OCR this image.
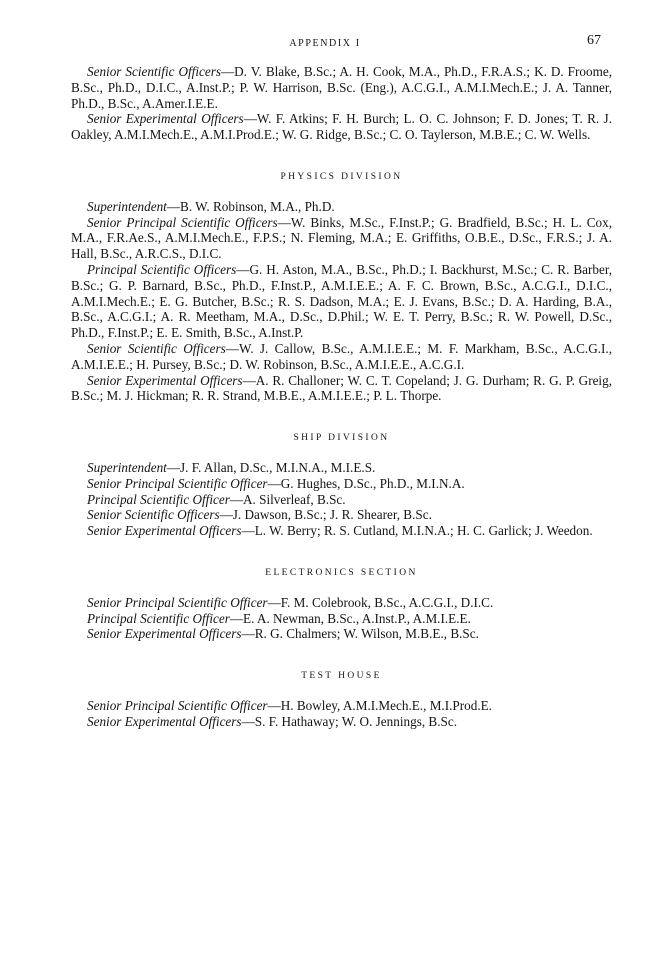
APPENDIX I	67

Senior Scientific Officers—D. V. Blake, B.Sc.; A. H. Cook, M.A., Ph.D., F.R.A.S.; K. D. Froome, B.Sc., Ph.D., D.I.C., A.Inst.P.; P. W. Harrison, B.Sc. (Eng.), A.C.G.I., A.M.I.Mech.E.; J. A. Tanner, Ph.D., B.Sc., A.Amer.I.E.E.

Senior Experimental Officers—W. F. Atkins; F. H. Burch; L. O. C. Johnson; F. D. Jones; T. R. J. Oakley, A.M.I.Mech.E., A.M.I.Prod.E.; W. G. Ridge, B.Sc.; C. O. Taylerson, M.B.E.; C. W. Wells.

PHYSICS DIVISION

Superintendent—B. W. Robinson, M.A., Ph.D.

Senior Principal Scientific Officers—W. Binks, M.Sc., F.Inst.P.; G. Bradfield, B.Sc.; H. L. Cox, M.A., F.R.Ae.S., A.M.I.Mech.E., F.P.S.; N. Fleming, M.A.; E. Griffiths, O.B.E., D.Sc., F.R.S.; J. A. Hall, B.Sc., A.R.C.S., D.I.C.

Principal Scientific Officers—G. H. Aston, M.A., B.Sc., Ph.D.; I. Backhurst, M.Sc.; C. R. Barber, B.Sc.; G. P. Barnard, B.Sc., Ph.D., F.Inst.P., A.M.I.E.E.; A. F. C. Brown, B.Sc., A.C.G.I., D.I.C., A.M.I.Mech.E.; E. G. Butcher, B.Sc.; R. S. Dadson, M.A.; E. J. Evans, B.Sc.; D. A. Harding, B.A., B.Sc., A.C.G.I.; A. R. Meetham, M.A., D.Sc., D.Phil.; W. E. T. Perry, B.Sc.; R. W. Powell, D.Sc., Ph.D., F.Inst.P.; E. E. Smith, B.Sc., A.Inst.P.

Senior Scientific Officers—W. J. Callow, B.Sc., A.M.I.E.E.; M. F. Markham, B.Sc., A.C.G.I., A.M.I.E.E.; H. Pursey, B.Sc.; D. W. Robinson, B.Sc., A.M.I.E.E., A.C.G.I.

Senior Experimental Officers—A. R. Challoner; W. C. T. Copeland; J. G. Durham; R. G. P. Greig, B.Sc.; M. J. Hickman; R. R. Strand, M.B.E., A.M.I.E.E.; P. L. Thorpe.

SHIP DIVISION

Superintendent—J. F. Allan, D.Sc., M.I.N.A., M.I.E.S.

Senior Principal Scientific Officer—G. Hughes, D.Sc., Ph.D., M.I.N.A.

Principal Scientific Officer—A. Silverleaf, B.Sc.

Senior Scientific Officers—J. Dawson, B.Sc.; J. R. Shearer, B.Sc.

Senior Experimental Officers—L. W. Berry; R. S. Cutland, M.I.N.A.; H. C. Garlick; J. Weedon.

ELECTRONICS SECTION

Senior Principal Scientific Officer—F. M. Colebrook, B.Sc., A.C.G.I., D.I.C.

Principal Scientific Officer—E. A. Newman, B.Sc., A.Inst.P., A.M.I.E.E.

Senior Experimental Officers—R. G. Chalmers; W. Wilson, M.B.E., B.Sc.

TEST HOUSE

Senior Principal Scientific Officer—H. Bowley, A.M.I.Mech.E., M.I.Prod.E.

Senior Experimental Officers—S. F. Hathaway; W. O. Jennings, B.Sc.
